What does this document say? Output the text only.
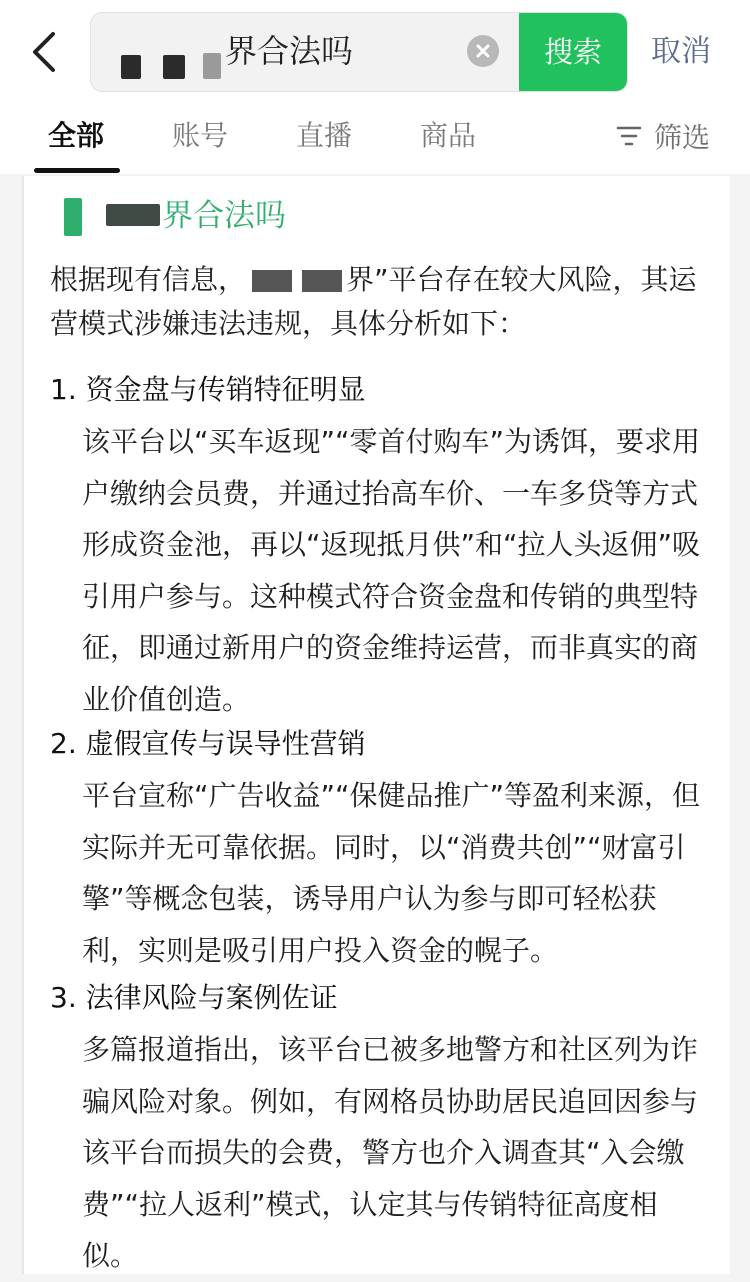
界合法吗	搜索	取消
全部 账号 直播 商品	筛选
界合法吗
根据现有信息，	界”平台存在较大风险，其运营模式涉嫌违法违规，具体分析如下：
1. 资金盘与传销特征明显
该平台以“买车返现”“零首付购车”为诱饵，要求用户缴纳会员费，并通过抬高车价、一车多贷等方式形成资金池，再以“返现抵月供”和“拉人头返佣”吸引用户参与。这种模式符合资金盘和传销的典型特征，即通过新用户的资金维持运营，而非真实的商业价值创造。
2. 虚假宣传与误导性营销
平台宣称“广告收益”“保健品推广”等盈利来源，但实际并无可靠依据。同时，以“消费共创”“财富引擎”等概念包装，诱导用户认为参与即可轻松获利，实则是吸引用户投入资金的幌子。
3. 法律风险与案例佐证
多篇报道指出，该平台已被多地警方和社区列为诈骗风险对象。例如，有网格员协助居民追回因参与该平台而损失的会费，警方也介入调查其“入会缴费”“拉人返利”模式，认定其与传销特征高度相似。
